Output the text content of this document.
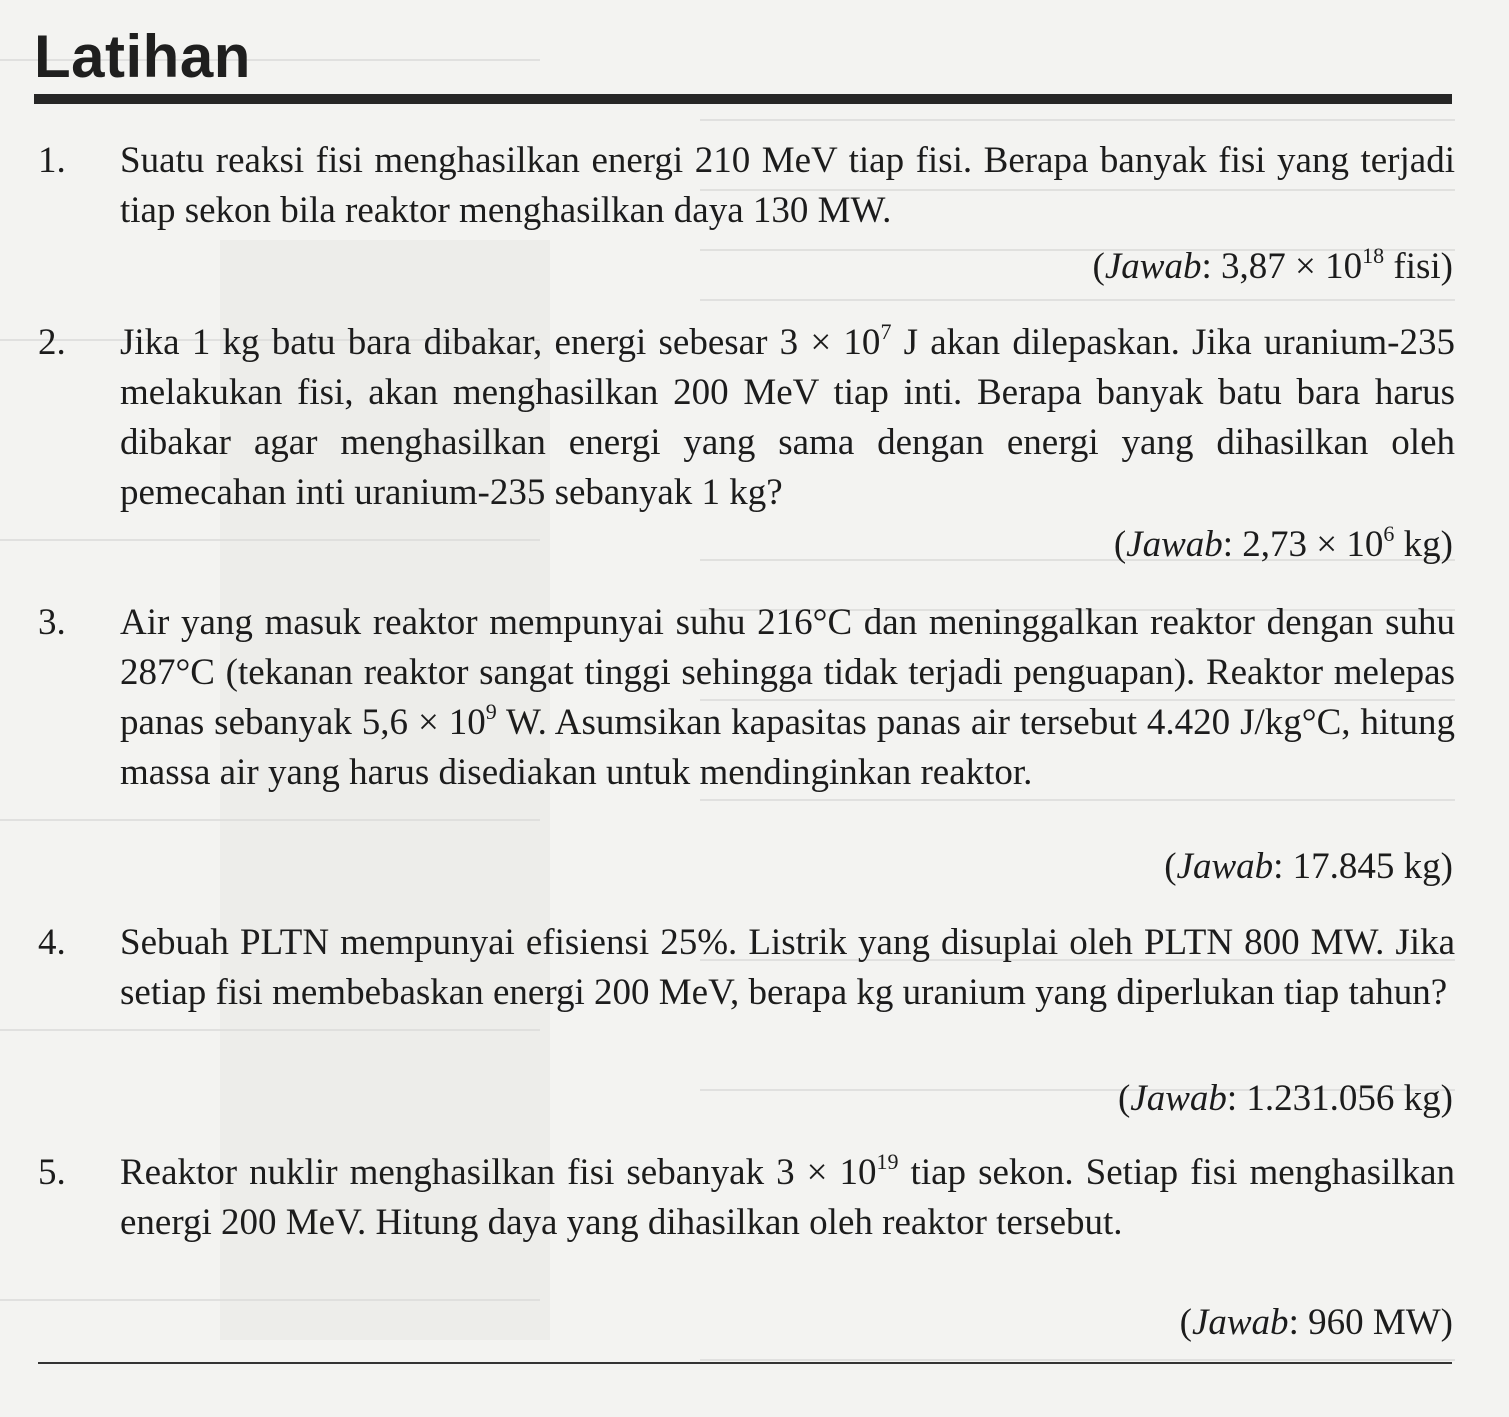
Latihan
1. Suatu reaksi fisi menghasilkan energi 210 MeV tiap fisi. Berapa banyak fisi yang terjadi tiap sekon bila reaktor menghasilkan daya 130 MW.
(Jawab: $3,87 \times 10^{18}$ fisi)
2. Jika 1 kg batu bara dibakar, energi sebesar $3 \times 10^7$ J akan dilepaskan. Jika uranium-235 melakukan fisi, akan menghasilkan 200 MeV tiap inti. Berapa banyak batu bara harus dibakar agar menghasilkan energi yang sama dengan energi yang dihasilkan oleh pemecahan inti uranium-235 sebanyak 1 kg?
(Jawab: $2,73 \times 10^6$ kg)
3. Air yang masuk reaktor mempunyai suhu 216°C dan meninggalkan reaktor dengan suhu 287°C (tekanan reaktor sangat tinggi sehingga tidak terjadi penguapan). Reaktor melepas panas sebanyak $5,6 \times 10^9$ W. Asumsikan kapasitas panas air tersebut 4.420 J/kg°C, hitung massa air yang harus disediakan untuk mendinginkan reaktor.
(Jawab: 17.845 kg)
4. Sebuah PLTN mempunyai efisiensi 25%. Listrik yang disuplai oleh PLTN 800 MW. Jika setiap fisi membebaskan energi 200 MeV, berapa kg uranium yang diperlukan tiap tahun?
(Jawab: 1.231.056 kg)
5. Reaktor nuklir menghasilkan fisi sebanyak $3 \times 10^{19}$ tiap sekon. Setiap fisi menghasilkan energi 200 MeV. Hitung daya yang dihasilkan oleh reaktor tersebut.
(Jawab: 960 MW)
